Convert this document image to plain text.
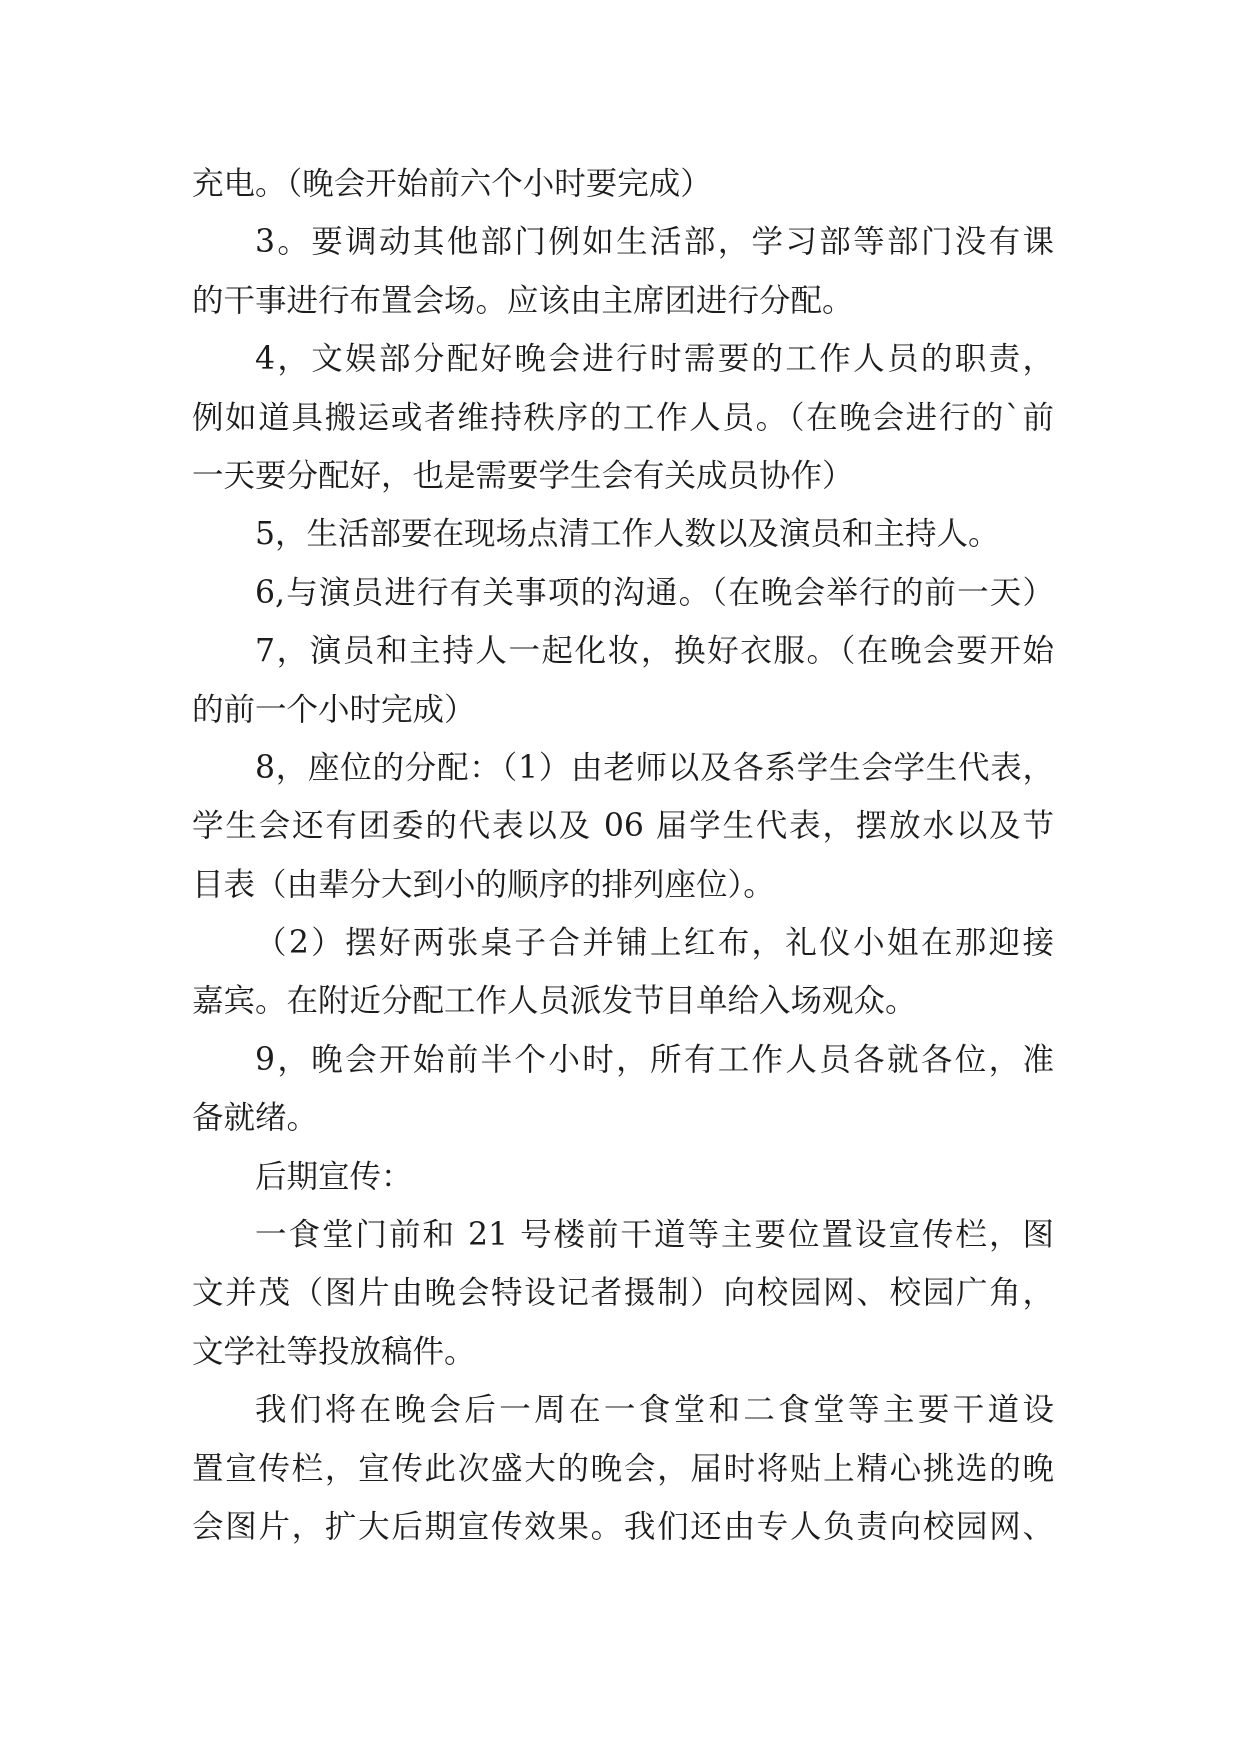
充电。（晚会开始前六个小时要完成）
3。要调动其他部门例如生活部，学习部等部门没有课
的干事进行布置会场。应该由主席团进行分配。
4，文娱部分配好晚会进行时需要的工作人员的职责，
例如道具搬运或者维持秩序的工作人员。（在晚会进行的`前
一天要分配好，也是需要学生会有关成员协作）
5，生活部要在现场点清工作人数以及演员和主持人。
6,与演员进行有关事项的沟通。（在晚会举行的前一天）
7，演员和主持人一起化妆，换好衣服。（在晚会要开始
的前一个小时完成）
8，座位的分配：（1）由老师以及各系学生会学生代表，
学生会还有团委的代表以及 06 届学生代表，摆放水以及节
目表（由辈分大到小的顺序的排列座位）。
（2）摆好两张桌子合并铺上红布，礼仪小姐在那迎接
嘉宾。在附近分配工作人员派发节目单给入场观众。
9，晚会开始前半个小时，所有工作人员各就各位，准
备就绪。
后期宣传：
一食堂门前和 21 号楼前干道等主要位置设宣传栏，图
文并茂（图片由晚会特设记者摄制）向校园网、校园广角，
文学社等投放稿件。
我们将在晚会后一周在一食堂和二食堂等主要干道设
置宣传栏，宣传此次盛大的晚会，届时将贴上精心挑选的晚
会图片，扩大后期宣传效果。我们还由专人负责向校园网、
